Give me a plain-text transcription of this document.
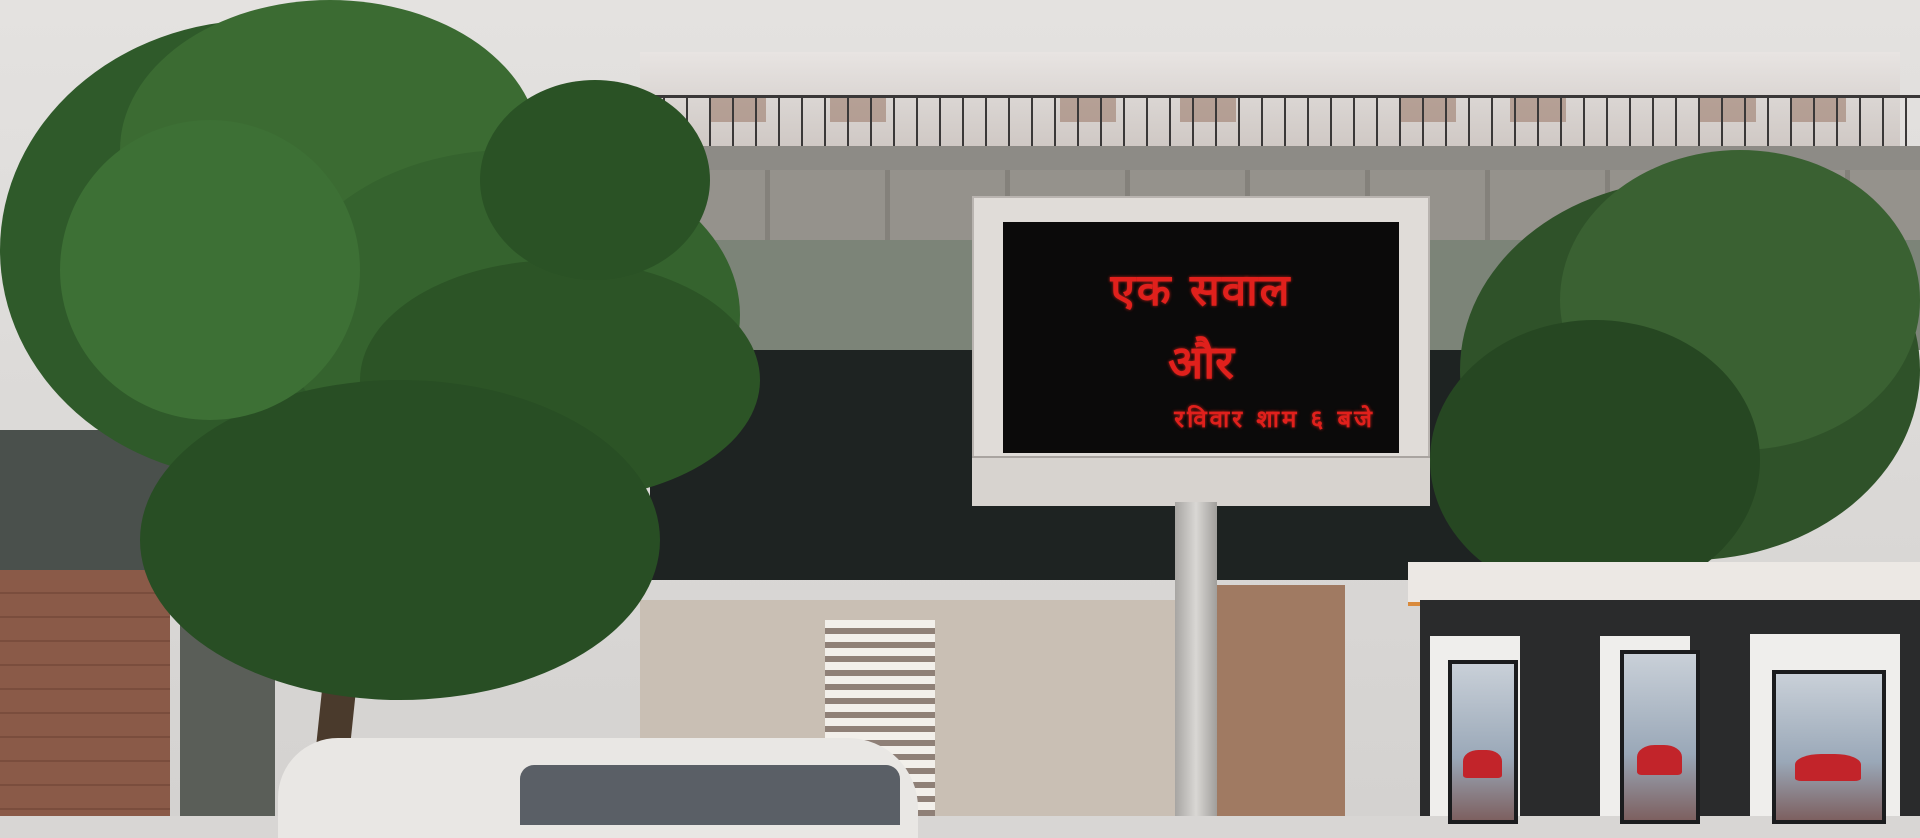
एक सवाल
और
रविवार शाम ६ बजे
